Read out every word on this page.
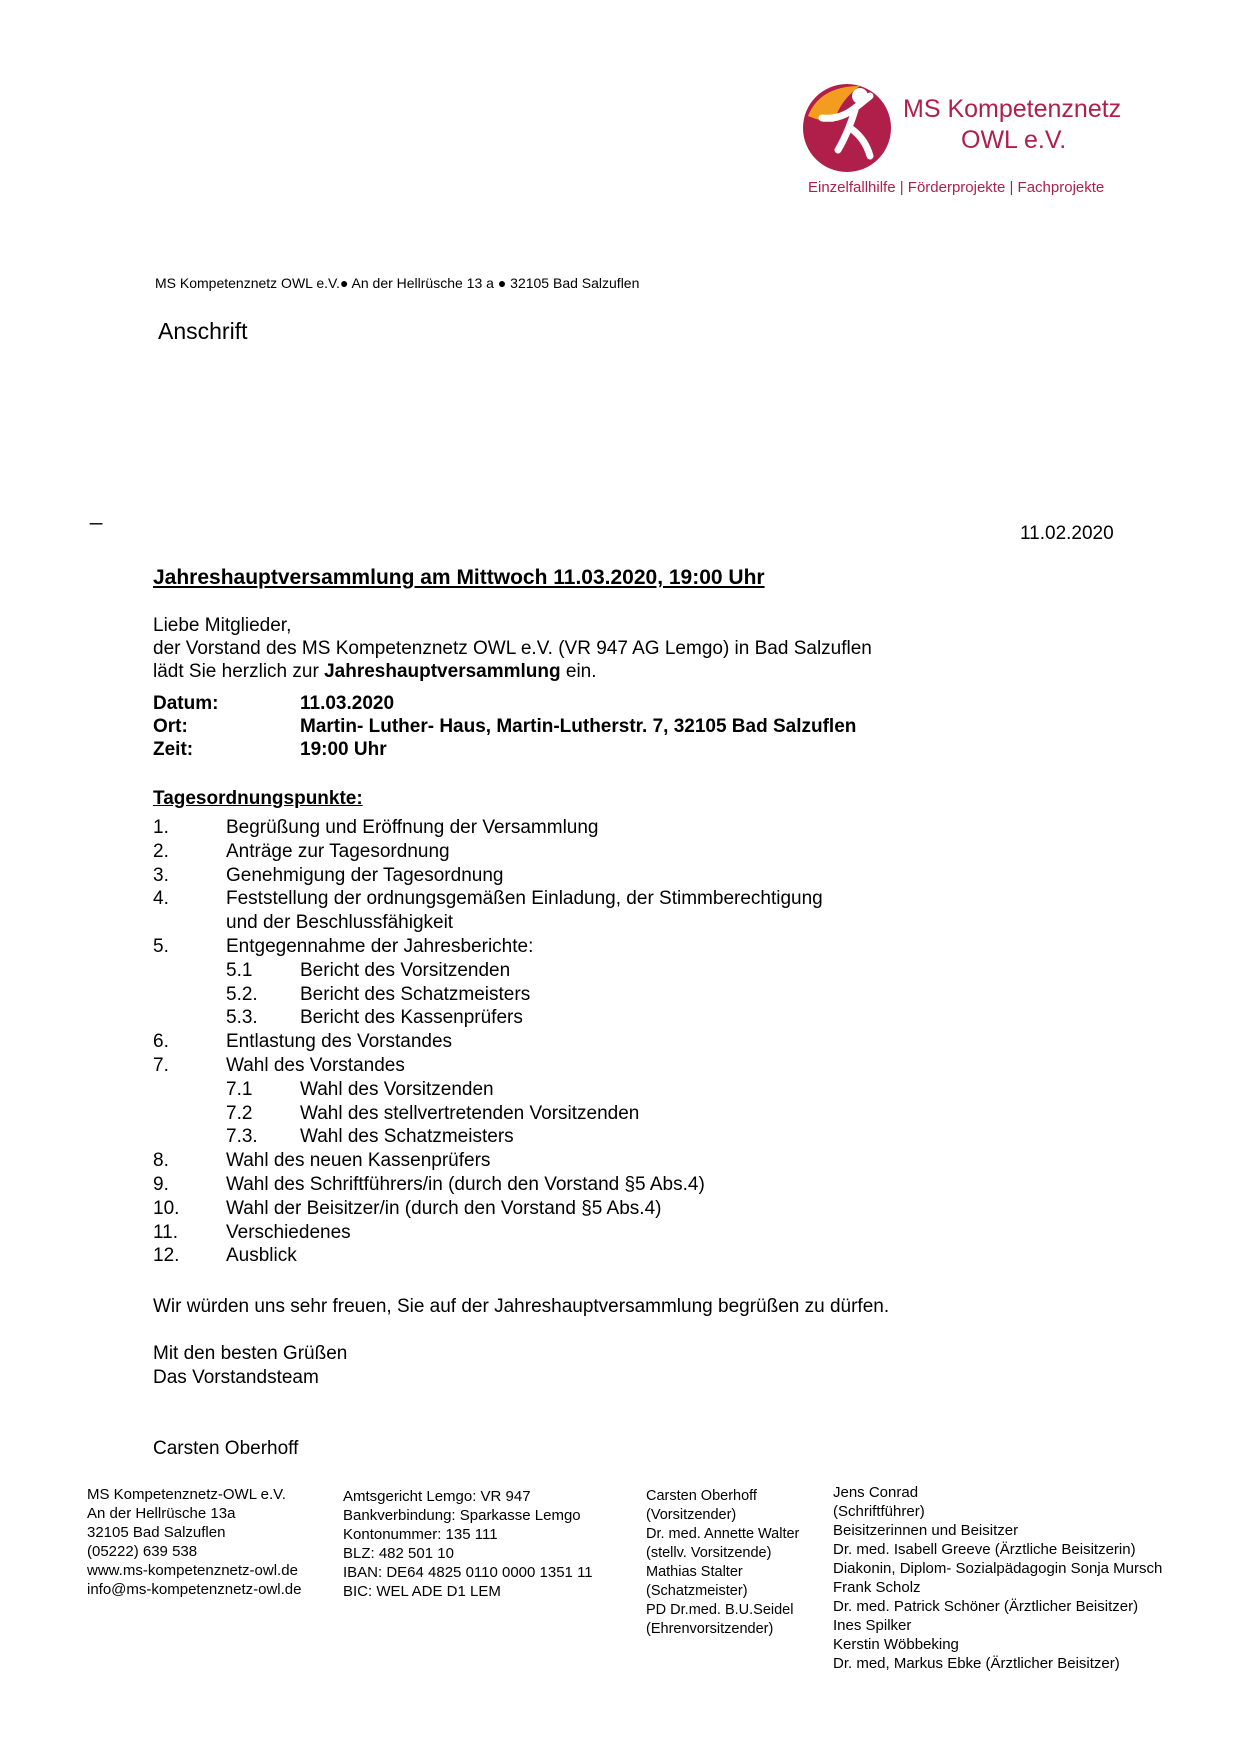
MS Kompetenznetz
OWL e.V.
Einzelfallhilfe | Förderprojekte | Fachprojekte
MS Kompetenznetz OWL e.V.● An der Hellrüsche 13 a ● 32105 Bad Salzuflen
Anschrift
_
11.02.2020
Jahreshauptversammlung am Mittwoch 11.03.2020, 19:00 Uhr
Liebe Mitglieder,
der Vorstand des MS Kompetenznetz OWL e.V. (VR 947 AG Lemgo) in Bad Salzuflen
lädt Sie herzlich zur Jahreshauptversammlung ein.
Datum:	11.03.2020
Ort:	Martin- Luther- Haus, Martin-Lutherstr. 7, 32105 Bad Salzuflen
Zeit:	19:00 Uhr
Tagesordnungspunkte:
1.	Begrüßung und Eröffnung der Versammlung
2.	Anträge zur Tagesordnung
3.	Genehmigung der Tagesordnung
4.	Feststellung der ordnungsgemäßen Einladung, der Stimmberechtigung
und der Beschlussfähigkeit
5.	Entgegennahme der Jahresberichte:
5.1	Bericht des Vorsitzenden
5.2. Bericht des Schatzmeisters
5.3. Bericht des Kassenprüfers
6.	Entlastung des Vorstandes
7.	Wahl des Vorstandes
7.1	Wahl des Vorsitzenden
7.2	Wahl des stellvertretenden Vorsitzenden
7.3. Wahl des Schatzmeisters
8.	Wahl des neuen Kassenprüfers
9.	Wahl des Schriftführers/in (durch den Vorstand §5 Abs.4)
10. Wahl der Beisitzer/in (durch den Vorstand §5 Abs.4)
11.	Verschiedenes
12. Ausblick
Wir würden uns sehr freuen, Sie auf der Jahreshauptversammlung begrüßen zu dürfen.
Mit den besten Grüßen
Das Vorstandsteam
Carsten Oberhoff
MS Kompetenznetz-OWL e.V.
An der Hellrüsche 13a
32105 Bad Salzuflen
(05222) 639 538
www.ms-kompetenznetz-owl.de
info@ms-kompetenznetz-owl.de
Amtsgericht Lemgo: VR 947
Bankverbindung: Sparkasse Lemgo
Kontonummer: 135 111
BLZ: 482 501 10
IBAN: DE64 4825 0110 0000 1351 11
BIC: WEL ADE D1 LEM
Carsten Oberhoff
(Vorsitzender)
Dr. med. Annette Walter
(stellv. Vorsitzende)
Mathias Stalter
(Schatzmeister)
PD Dr.med. B.U.Seidel
(Ehrenvorsitzender)
Jens Conrad
(Schriftführer)
Beisitzerinnen und Beisitzer
Dr. med. Isabell Greeve (Ärztliche Beisitzerin)
Diakonin, Diplom- Sozialpädagogin Sonja Mursch
Frank Scholz
Dr. med. Patrick Schöner (Ärztlicher Beisitzer)
Ines Spilker
Kerstin Wöbbeking
Dr. med, Markus Ebke (Ärztlicher Beisitzer)
